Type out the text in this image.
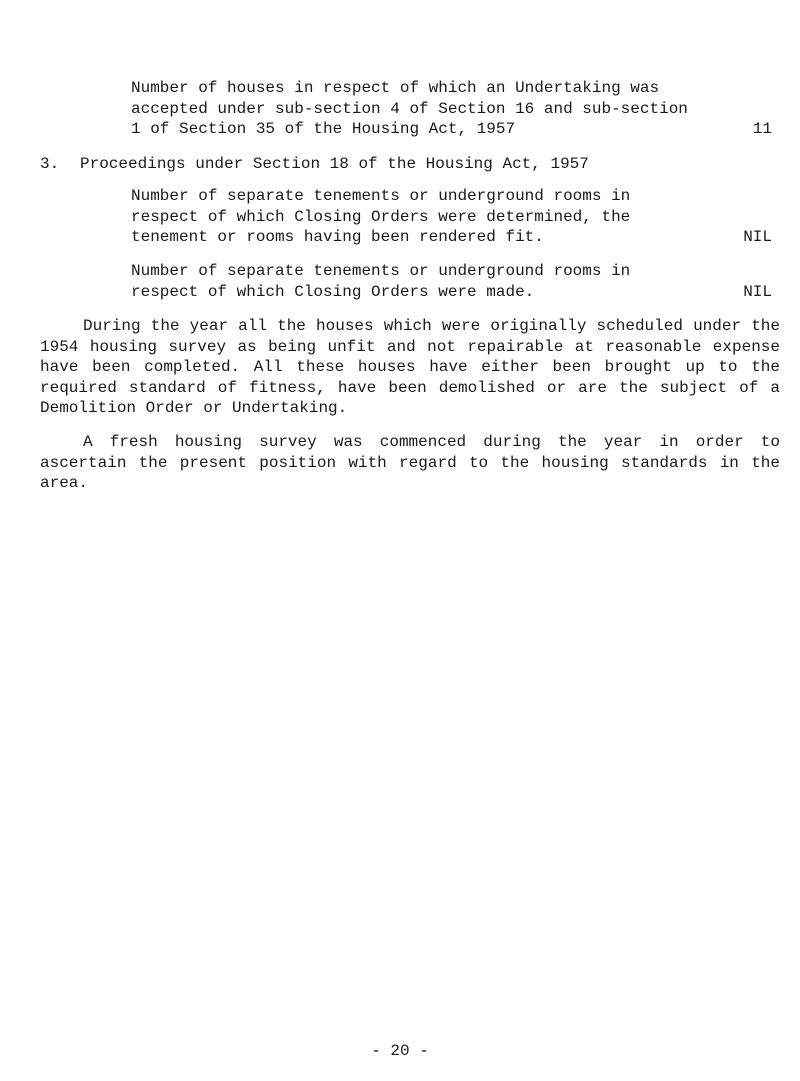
Number of houses in respect of which an Undertaking was accepted under sub-section 4 of Section 16 and sub-section 1 of Section 35 of the Housing Act, 1957	11
3. Proceedings under Section 18 of the Housing Act, 1957
Number of separate tenements or underground rooms in respect of which Closing Orders were determined, the tenement or rooms having been rendered fit.	NIL
Number of separate tenements or underground rooms in respect of which Closing Orders were made.	NIL
During the year all the houses which were originally scheduled under the 1954 housing survey as being unfit and not repairable at reasonable expense have been completed. All these houses have either been brought up to the required standard of fitness, have been demolished or are the subject of a Demolition Order or Undertaking.
A fresh housing survey was commenced during the year in order to ascertain the present position with regard to the housing standards in the area.
- 20 -
